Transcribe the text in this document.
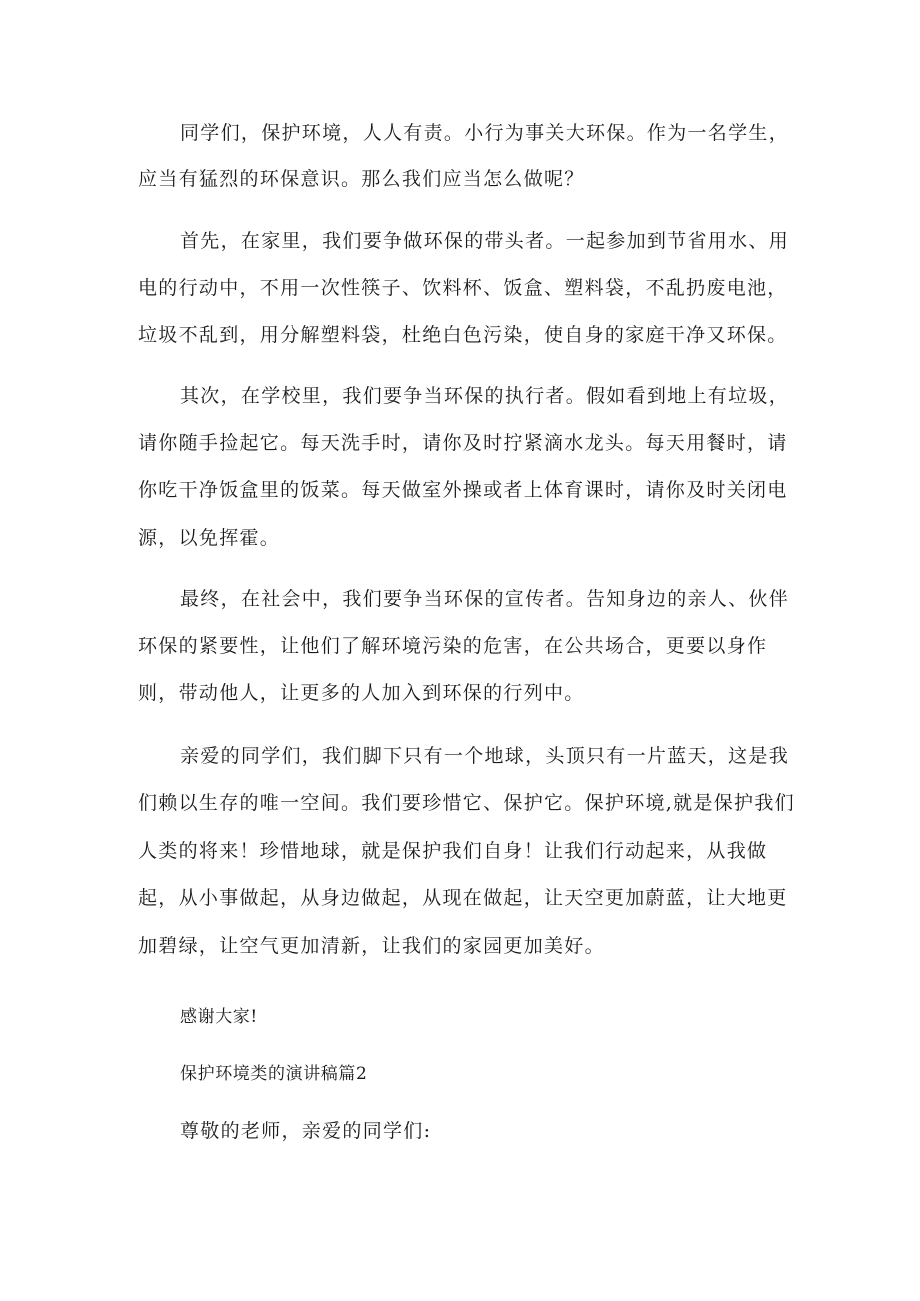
同学们，保护环境，人人有责。小行为事关大环保。作为一名学生，
应当有猛烈的环保意识。那么我们应当怎么做呢？
首先，在家里，我们要争做环保的带头者。一起参加到节省用水、用
电的行动中，不用一次性筷子、饮料杯、饭盒、塑料袋，不乱扔废电池，
垃圾不乱到，用分解塑料袋，杜绝白色污染，使自身的家庭干净又环保。
其次，在学校里，我们要争当环保的执行者。假如看到地上有垃圾，
请你随手捡起它。每天洗手时，请你及时拧紧滴水龙头。每天用餐时，请
你吃干净饭盒里的饭菜。每天做室外操或者上体育课时，请你及时关闭电
源，以免挥霍。
最终，在社会中，我们要争当环保的宣传者。告知身边的亲人、伙伴
环保的紧要性，让他们了解环境污染的危害，在公共场合，更要以身作
则，带动他人，让更多的人加入到环保的行列中。
亲爱的同学们，我们脚下只有一个地球，头顶只有一片蓝天，这是我
们赖以生存的唯一空间。我们要珍惜它、保护它。保护环境,就是保护我们
人类的将来！珍惜地球，就是保护我们自身！让我们行动起来，从我做
起，从小事做起，从身边做起，从现在做起，让天空更加蔚蓝，让大地更
加碧绿，让空气更加清新，让我们的家园更加美好。
感谢大家!
保护环境类的演讲稿篇2
尊敬的老师，亲爱的同学们:
